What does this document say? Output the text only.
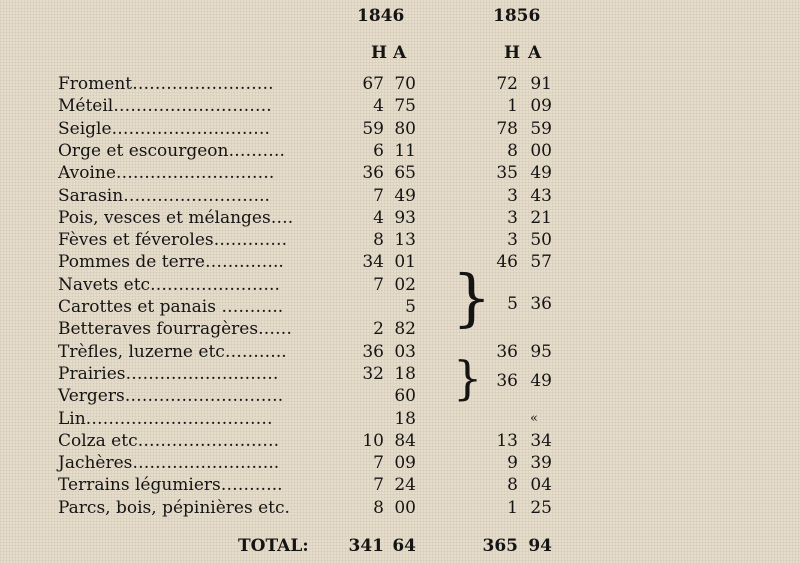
1846	1856
H A	H A
}
}
Froment…………………….	67 70	72 91
Méteil……………………….	4 75	1 09
Seigle……………………….	59 80	78 59
Orge et escourgeon……….	6 11	8 00
Avoine……………………….	36 65	35 49
Sarasin……………………..	7 49	3 43
Pois, vesces et mélanges….	4 93	3 21
Fèves et féveroles………….	8 13	3 50
Pommes de terre…………..	34 01	46 57
Navets etc…………………..	7 02
Carottes et panais ………..	5	5 36
Betteraves fourragères……	2 82
Trèfles, luzerne etc………..	36 03	36 95
Prairies………………………	32 18	36 49
Vergers……………………….	60
Lin……………………………	18	«
Colza etc…………………….	10 84	13 34
Jachères……………………..	7 09	9 39
Terrains légumiers………..	7 24	8 04
Parcs, bois, pépinières etc.	8 00	1 25
TOTAL:	341 64	365 94
